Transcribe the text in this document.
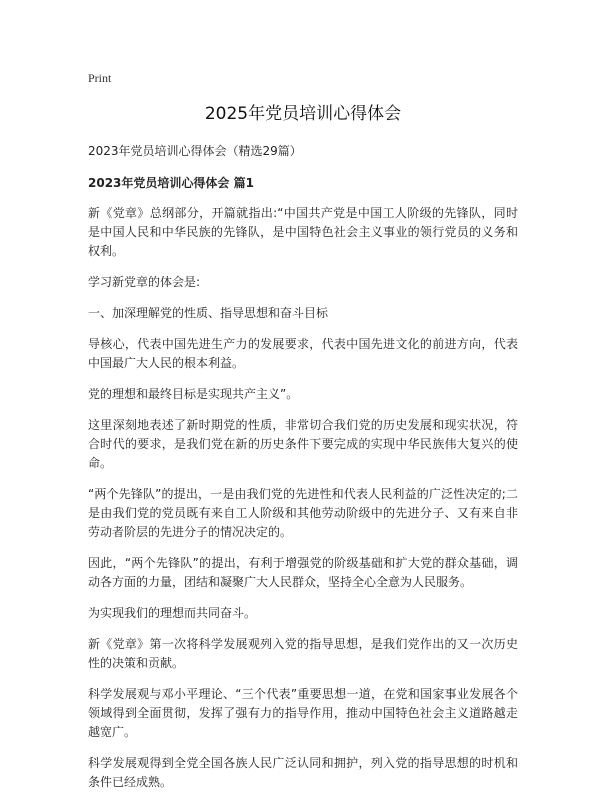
Print
2025年党员培训心得体会

2023年党员培训心得体会（精选29篇）

2023年党员培训心得体会 篇1

新《党章》总纲部分，开篇就指出:“中国共产党是中国工人阶级的先锋队，同时是中国人民和中华民族的先锋队，是中国特色社会主义事业的领行党员的义务和权利。

学习新党章的体会是:

一、加深理解党的性质、指导思想和奋斗目标

导核心，代表中国先进生产力的发展要求，代表中国先进文化的前进方向，代表中国最广大人民的根本利益。

党的理想和最终目标是实现共产主义”。

这里深刻地表述了新时期党的性质，非常切合我们党的历史发展和现实状况，符合时代的要求，是我们党在新的历史条件下要完成的实现中华民族伟大复兴的使命。

“两个先锋队”的提出，一是由我们党的先进性和代表人民利益的广泛性决定的;二是由我们党的党员既有来自工人阶级和其他劳动阶级中的先进分子、又有来自非劳动者阶层的先进分子的情况决定的。

因此，“两个先锋队”的提出，有利于增强党的阶级基础和扩大党的群众基础，调动各方面的力量，团结和凝聚广大人民群众，坚持全心全意为人民服务。

为实现我们的理想而共同奋斗。

新《党章》第一次将科学发展观列入党的指导思想，是我们党作出的又一次历史性的决策和贡献。

科学发展观与邓小平理论、“三个代表”重要思想一道，在党和国家事业发展各个领域得到全面贯彻，发挥了强有力的指导作用，推动中国特色社会主义道路越走越宽广。

科学发展观得到全党全国各族人民广泛认同和拥护，列入党的指导思想的时机和条件已经成熟。
